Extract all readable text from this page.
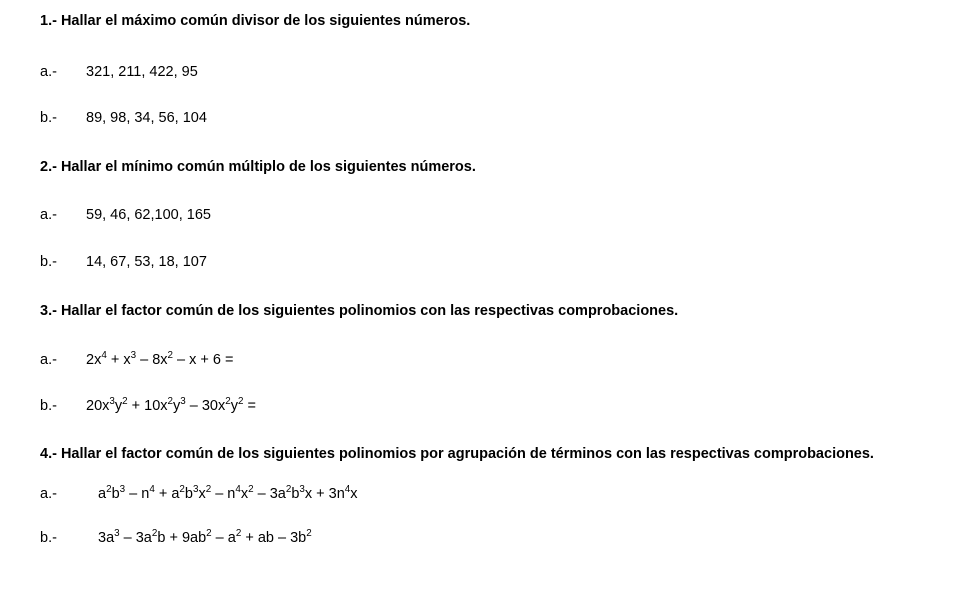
1.- Hallar el máximo común divisor de los siguientes números.

a.-	321, 211, 422, 95
b.-	89, 98, 34, 56, 104

2.- Hallar el mínimo común múltiplo de los siguientes números.

a.-	59, 46, 62,100, 165
b.-	14, 67, 53, 18, 107

3.- Hallar el factor común de los siguientes polinomios con las respectivas comprobaciones.

a.-	$2x^4 + x^3 - 8x^2 - x + 6$ =
b.-	$20x^3y^2 + 10x^2y^3 - 30x^2y^2$ =

4.- Hallar el factor común de los siguientes polinomios por agrupación de términos con las respectivas comprobaciones.

a.-	$a^2b^3 - n^4 + a^2b^3x^2 - n^4x^2 - 3a^2b^3x + 3n^4x$
b.-	$3a^3 - 3a^2b + 9ab^2 - a^2$ + ab – $3b^2$
